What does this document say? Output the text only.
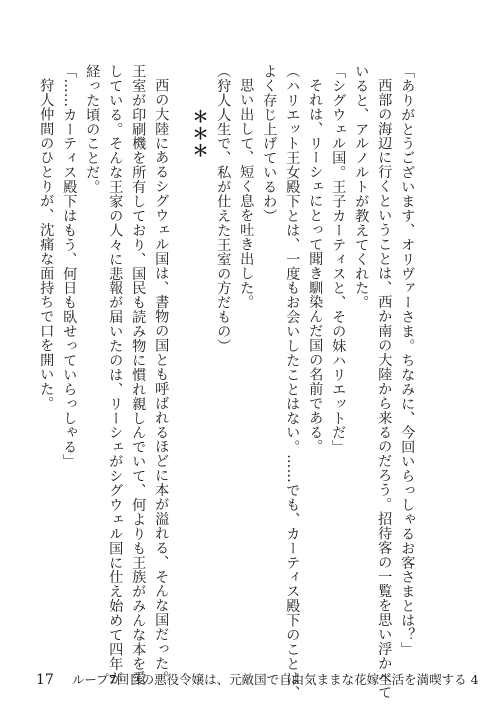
「ありがとうございます、オリヴァーさま。ちなみに、今回いらっしゃるお客さまとは？」
西部の海辺に行くということは、西か南の大陸から来るのだろう。招待客の一覧を思い浮かべて
いると、アルノルトが教えてくれた。
「シグウェル国。王子カーティスと、その妹ハリエットだ」
それは、リーシェにとって聞き馴染んだ国の名前である。
（ハリエット王女殿下とは、一度もお会いしたことはない。……でも、カーティス殿下のことは、
よく存じ上げているわ）
思い出して、短く息を吐き出した。
（狩人人生で、私が仕えた王室の方だもの）
＊＊＊
西の大陸にあるシグウェル国は、書物の国とも呼ばれるほどに本が溢れる、そんな国だった。
王室が印刷機を所有しており、国民も読み物に慣れ親しんでいて、何よりも王族がみんな本を愛
している。そんな王家の人々に悲報が届いたのは、リーシェがシグウェル国に仕え始めて四年が
経った頃のことだ。
「……カーティス殿下はもう、何日も臥せっていらっしゃる」
狩人仲間のひとりが、沈痛な面持ちで口を開いた。
17 ループ7回目の悪役令嬢は、元敵国で自由気ままな花嫁生活を満喫する 4
